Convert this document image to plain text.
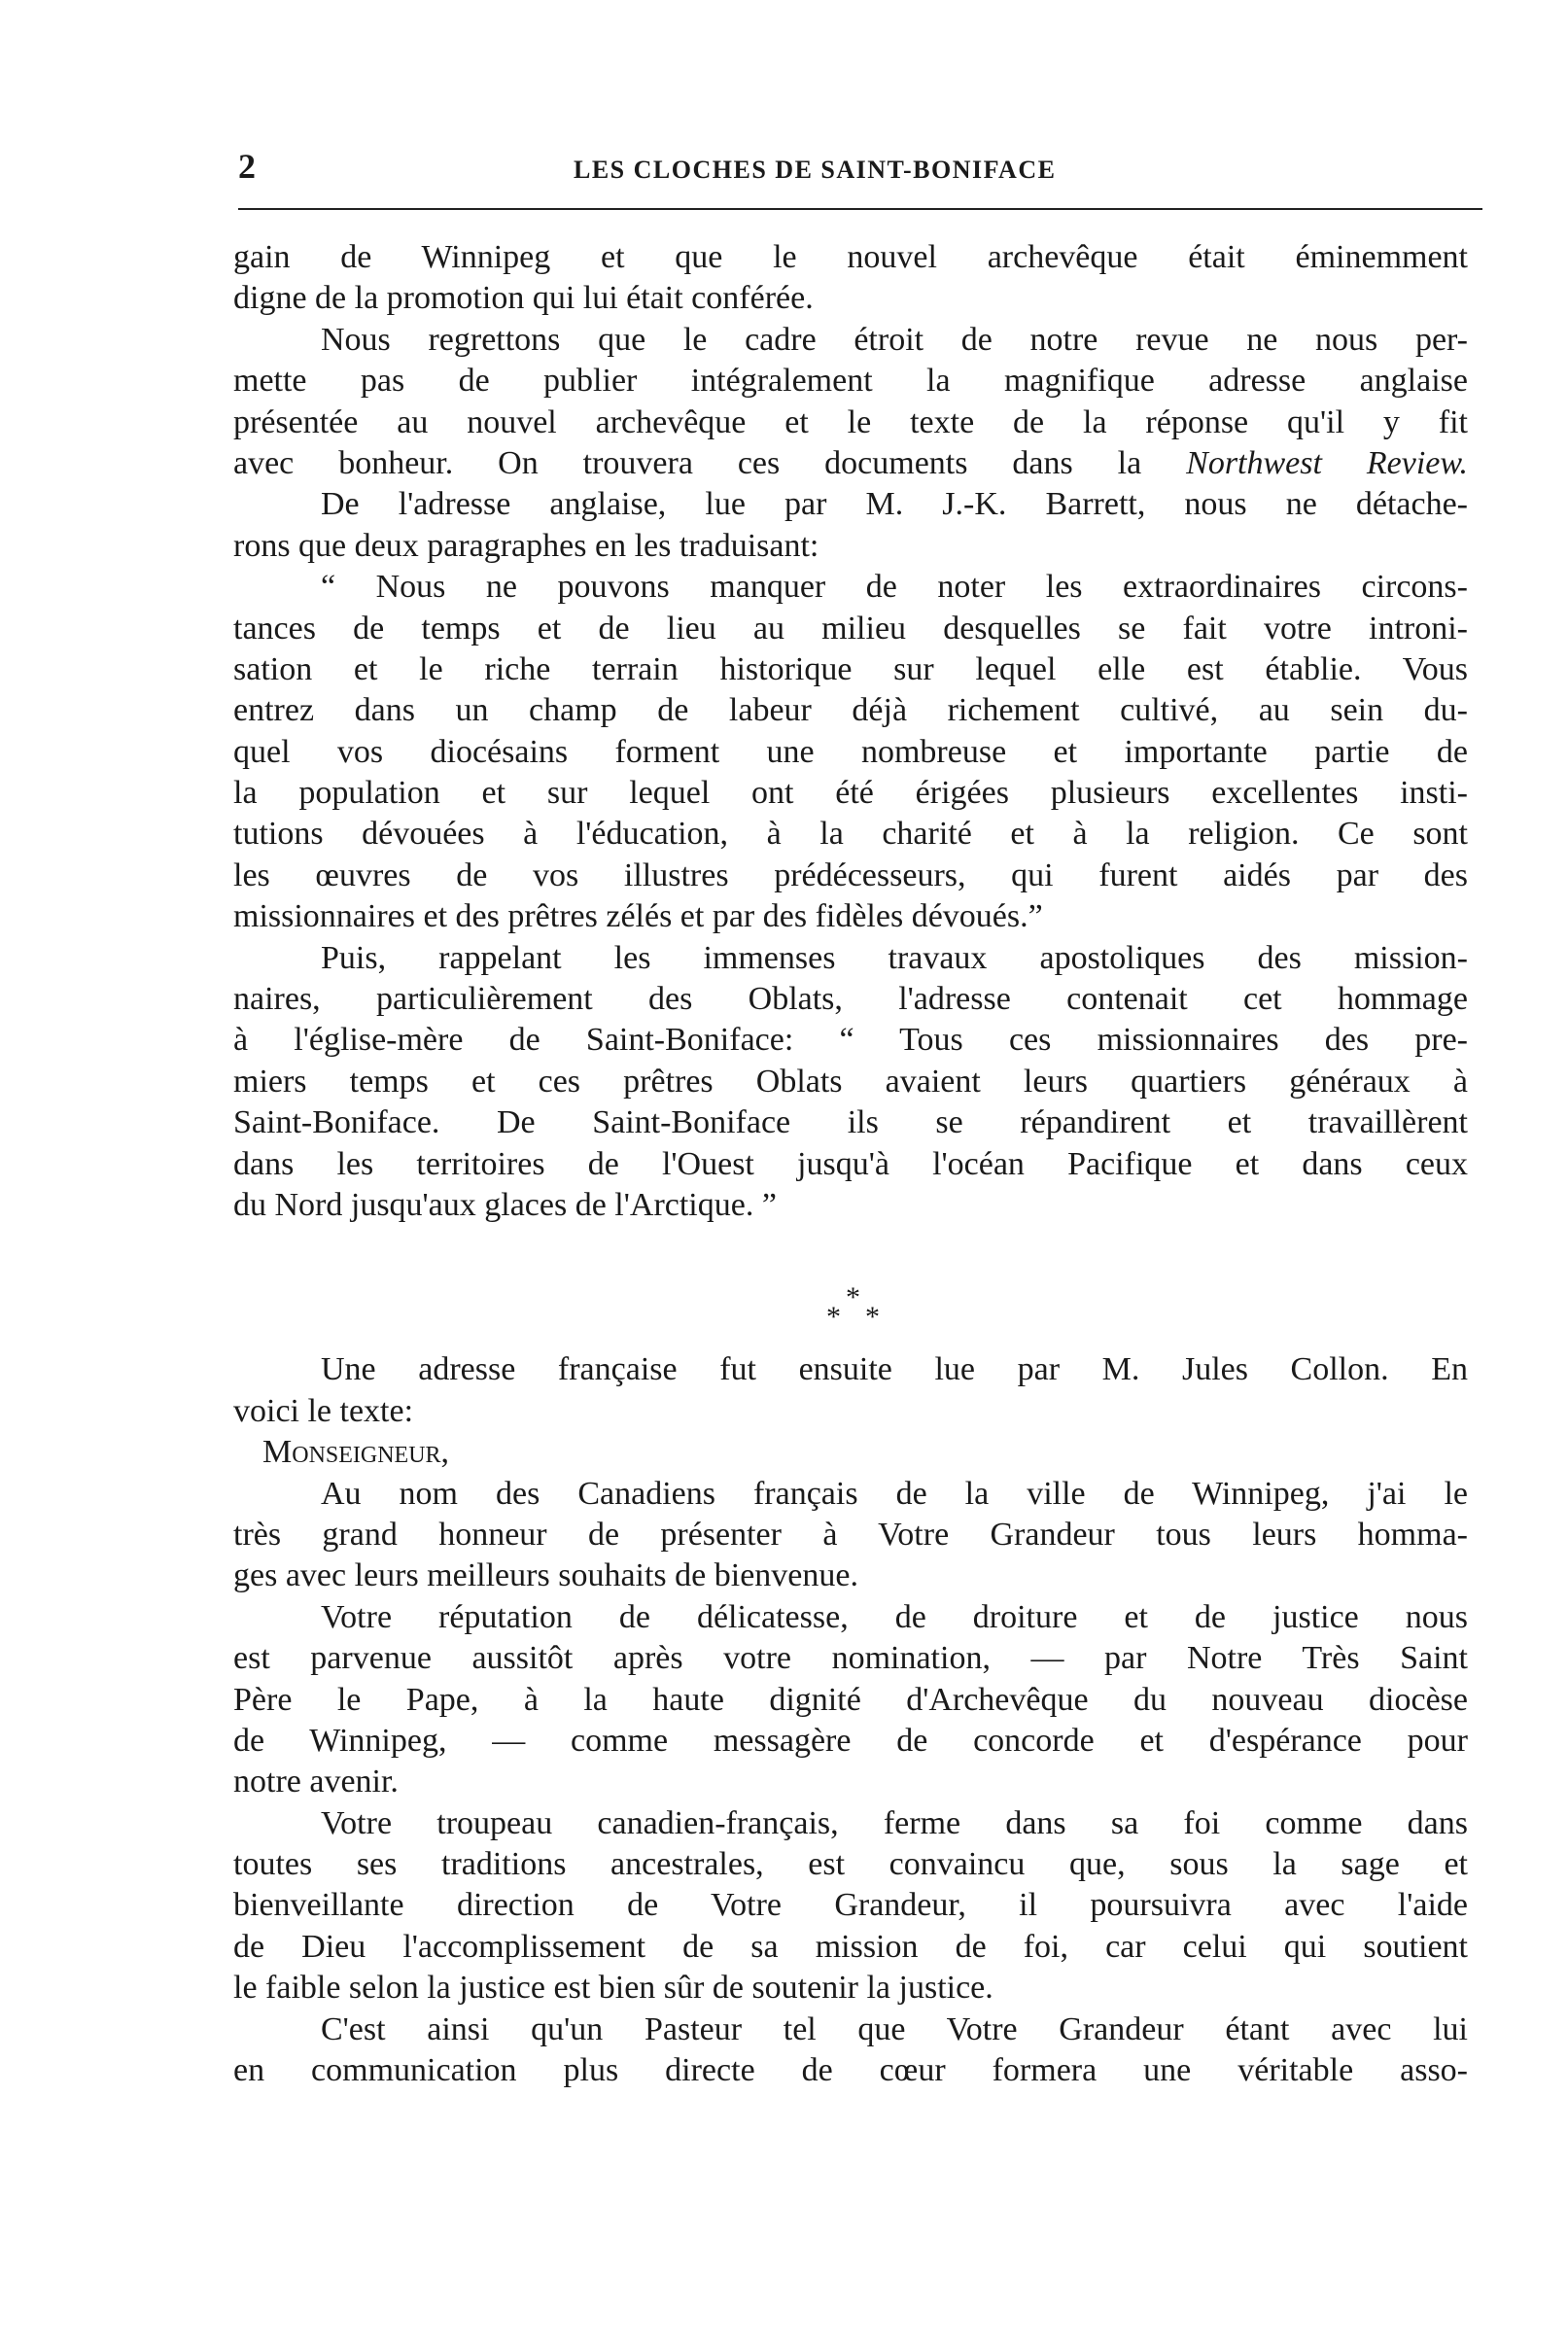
2	LES CLOCHES DE SAINT-BONIFACE
gain de Winnipeg et que le nouvel archevêque était éminemment
digne de la promotion qui lui était conférée.
Nous regrettons que le cadre étroit de notre revue ne nous per-
mette pas de publier intégralement la magnifique adresse anglaise
présentée au nouvel archevêque et le texte de la réponse qu'il y fit
avec bonheur. On trouvera ces documents dans la Northwest Review.
De l'adresse anglaise, lue par M. J.-K. Barrett, nous ne détache-
rons que deux paragraphes en les traduisant:
“ Nous ne pouvons manquer de noter les extraordinaires circons-
tances de temps et de lieu au milieu desquelles se fait votre introni-
sation et le riche terrain historique sur lequel elle est établie. Vous
entrez dans un champ de labeur déjà richement cultivé, au sein du-
quel vos diocésains forment une nombreuse et importante partie de
la population et sur lequel ont été érigées plusieurs excellentes insti-
tutions dévouées à l'éducation, à la charité et à la religion. Ce sont
les œuvres de vos illustres prédécesseurs, qui furent aidés par des
missionnaires et des prêtres zélés et par des fidèles dévoués.”
Puis, rappelant les immenses travaux apostoliques des mission-
naires, particulièrement des Oblats, l'adresse contenait cet hommage
à l'église-mère de Saint-Boniface: “ Tous ces missionnaires des pre-
miers temps et ces prêtres Oblats avaient leurs quartiers généraux à
Saint-Boniface. De Saint-Boniface ils se répandirent et travaillèrent
dans les territoires de l'Ouest jusqu'à l'océan Pacifique et dans ceux
du Nord jusqu'aux glaces de l'Arctique. ”
Une adresse française fut ensuite lue par M. Jules Collon. En
voici le texte:
Monseigneur,
Au nom des Canadiens français de la ville de Winnipeg, j'ai le
très grand honneur de présenter à Votre Grandeur tous leurs homma-
ges avec leurs meilleurs souhaits de bienvenue.
Votre réputation de délicatesse, de droiture et de justice nous
est parvenue aussitôt après votre nomination, — par Notre Très Saint
Père le Pape, à la haute dignité d'Archevêque du nouveau diocèse
de Winnipeg, — comme messagère de concorde et d'espérance pour
notre avenir.
Votre troupeau canadien-français, ferme dans sa foi comme dans
toutes ses traditions ancestrales, est convaincu que, sous la sage et
bienveillante direction de Votre Grandeur, il poursuivra avec l'aide
de Dieu l'accomplissement de sa mission de foi, car celui qui soutient
le faible selon la justice est bien sûr de soutenir la justice.
C'est ainsi qu'un Pasteur tel que Votre Grandeur étant avec lui
en communication plus directe de cœur formera une véritable asso-
*
* *
